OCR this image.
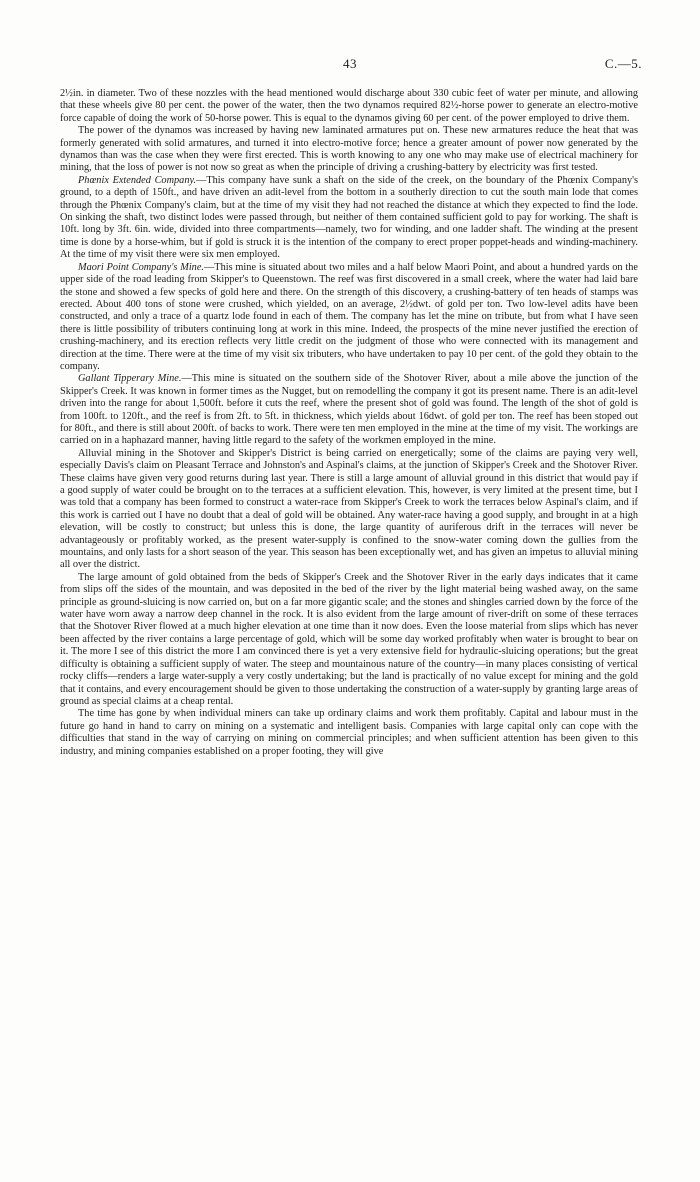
43	C.—5.

2½in. in diameter. Two of these nozzles with the head mentioned would discharge about 330 cubic feet of water per minute, and allowing that these wheels give 80 per cent. the power of the water, then the two dynamos required 82½-horse power to generate an electro-motive force capable of doing the work of 50-horse power. This is equal to the dynamos giving 60 per cent. of the power employed to drive them.

The power of the dynamos was increased by having new laminated armatures put on. These new armatures reduce the heat that was formerly generated with solid armatures, and turned it into electro-motive force; hence a greater amount of power now generated by the dynamos than was the case when they were first erected. This is worth knowing to any one who may make use of electrical machinery for mining, that the loss of power is not now so great as when the principle of driving a crushing-battery by electricity was first tested.

Phœnix Extended Company.—This company have sunk a shaft on the side of the creek, on the boundary of the Phœnix Company's ground, to a depth of 150ft., and have driven an adit-level from the bottom in a southerly direction to cut the south main lode that comes through the Phœnix Company's claim, but at the time of my visit they had not reached the distance at which they expected to find the lode. On sinking the shaft, two distinct lodes were passed through, but neither of them contained sufficient gold to pay for working. The shaft is 10ft. long by 3ft. 6in. wide, divided into three compartments—namely, two for winding, and one ladder shaft. The winding at the present time is done by a horse-whim, but if gold is struck it is the intention of the company to erect proper poppet-heads and winding-machinery. At the time of my visit there were six men employed.

Maori Point Company's Mine.—This mine is situated about two miles and a half below Maori Point, and about a hundred yards on the upper side of the road leading from Skipper's to Queenstown. The reef was first discovered in a small creek, where the water had laid bare the stone and showed a few specks of gold here and there. On the strength of this discovery, a crushing-battery of ten heads of stamps was erected. About 400 tons of stone were crushed, which yielded, on an average, 2½dwt. of gold per ton. Two low-level adits have been constructed, and only a trace of a quartz lode found in each of them. The company has let the mine on tribute, but from what I have seen there is little possibility of tributers continuing long at work in this mine. Indeed, the prospects of the mine never justified the erection of crushing-machinery, and its erection reflects very little credit on the judgment of those who were connected with its management and direction at the time. There were at the time of my visit six tributers, who have undertaken to pay 10 per cent. of the gold they obtain to the company.

Gallant Tipperary Mine.—This mine is situated on the southern side of the Shotover River, about a mile above the junction of the Skipper's Creek. It was known in former times as the Nugget, but on remodelling the company it got its present name. There is an adit-level driven into the range for about 1,500ft. before it cuts the reef, where the present shot of gold was found. The length of the shot of gold is from 100ft. to 120ft., and the reef is from 2ft. to 5ft. in thickness, which yields about 16dwt. of gold per ton. The reef has been stoped out for 80ft., and there is still about 200ft. of backs to work. There were ten men employed in the mine at the time of my visit. The workings are carried on in a haphazard manner, having little regard to the safety of the workmen employed in the mine.

Alluvial mining in the Shotover and Skipper's District is being carried on energetically; some of the claims are paying very well, especially Davis's claim on Pleasant Terrace and Johnston's and Aspinal's claims, at the junction of Skipper's Creek and the Shotover River. These claims have given very good returns during last year. There is still a large amount of alluvial ground in this district that would pay if a good supply of water could be brought on to the terraces at a sufficient elevation. This, however, is very limited at the present time, but I was told that a company has been formed to construct a water-race from Skipper's Creek to work the terraces below Aspinal's claim, and if this work is carried out I have no doubt that a deal of gold will be obtained. Any water-race having a good supply, and brought in at a high elevation, will be costly to construct; but unless this is done, the large quantity of auriferous drift in the terraces will never be advantageously or profitably worked, as the present water-supply is confined to the snow-water coming down the gullies from the mountains, and only lasts for a short season of the year. This season has been exceptionally wet, and has given an impetus to alluvial mining all over the district.

The large amount of gold obtained from the beds of Skipper's Creek and the Shotover River in the early days indicates that it came from slips off the sides of the mountain, and was deposited in the bed of the river by the light material being washed away, on the same principle as ground-sluicing is now carried on, but on a far more gigantic scale; and the stones and shingles carried down by the force of the water have worn away a narrow deep channel in the rock. It is also evident from the large amount of river-drift on some of these terraces that the Shotover River flowed at a much higher elevation at one time than it now does. Even the loose material from slips which has never been affected by the river contains a large percentage of gold, which will be some day worked profitably when water is brought to bear on it. The more I see of this district the more I am convinced there is yet a very extensive field for hydraulic-sluicing operations; but the great difficulty is obtaining a sufficient supply of water. The steep and mountainous nature of the country—in many places consisting of vertical rocky cliffs—renders a large water-supply a very costly undertaking; but the land is practically of no value except for mining and the gold that it contains, and every encouragement should be given to those undertaking the construction of a water-supply by granting large areas of ground as special claims at a cheap rental.

The time has gone by when individual miners can take up ordinary claims and work them profitably. Capital and labour must in the future go hand in hand to carry on mining on a systematic and intelligent basis. Companies with large capital only can cope with the difficulties that stand in the way of carrying on mining on commercial principles; and when sufficient attention has been given to this industry, and mining companies established on a proper footing, they will give
